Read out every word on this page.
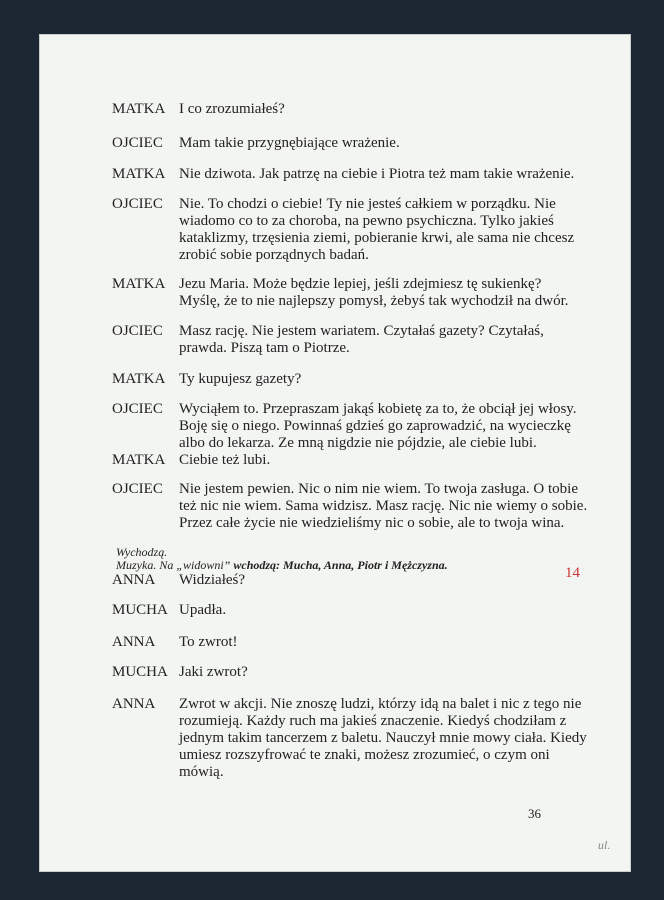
MATKA I co zrozumiałeś?
OJCIEC Mam takie przygnębiające wrażenie.
MATKA Nie dziwota. Jak patrzę na ciebie i Piotra też mam takie wrażenie.
OJCIEC Nie. To chodzi o ciebie! Ty nie jesteś całkiem w porządku. Nie
wiadomo co to za choroba, na pewno psychiczna. Tylko jakieś
kataklizmy, trzęsienia ziemi, pobieranie krwi, ale sama nie chcesz
zrobić sobie porządnych badań.
MATKA Jezu Maria. Może będzie lepiej, jeśli zdejmiesz tę sukienkę?
Myślę, że to nie najlepszy pomysł, żebyś tak wychodził na dwór.
OJCIEC Masz rację. Nie jestem wariatem. Czytałaś gazety? Czytałaś,
prawda. Piszą tam o Piotrze.
MATKA Ty kupujesz gazety?
OJCIEC Wyciąłem to. Przepraszam jakąś kobietę za to, że obciął jej włosy.
Boję się o niego. Powinnaś gdzieś go zaprowadzić, na wycieczkę
albo do lekarza. Ze mną nigdzie nie pójdzie, ale ciebie lubi.
MATKA Ciebie też lubi.
OJCIEC Nie jestem pewien. Nic o nim nie wiem. To twoja zasługa. O tobie
też nic nie wiem. Sama widzisz. Masz rację. Nic nie wiemy o sobie.
Przez całe życie nie wiedzieliśmy nic o sobie, ale to twoja wina.
14
Wychodzą.
Muzyka. Na „widowni” wchodzą: Mucha, Anna, Piotr i Mężczyzna.
ANNA Widziałeś?
MUCHA Upadła.
ANNA To zwrot!
MUCHA Jaki zwrot?
ANNA Zwrot w akcji. Nie znoszę ludzi, którzy idą na balet i nic z tego nie
rozumieją. Każdy ruch ma jakieś znaczenie. Kiedyś chodziłam z
jednym takim tancerzem z baletu. Nauczył mnie mowy ciała. Kiedy
umiesz rozszyfrować te znaki, możesz zrozumieć, o czym oni
mówią.
36
ul.
